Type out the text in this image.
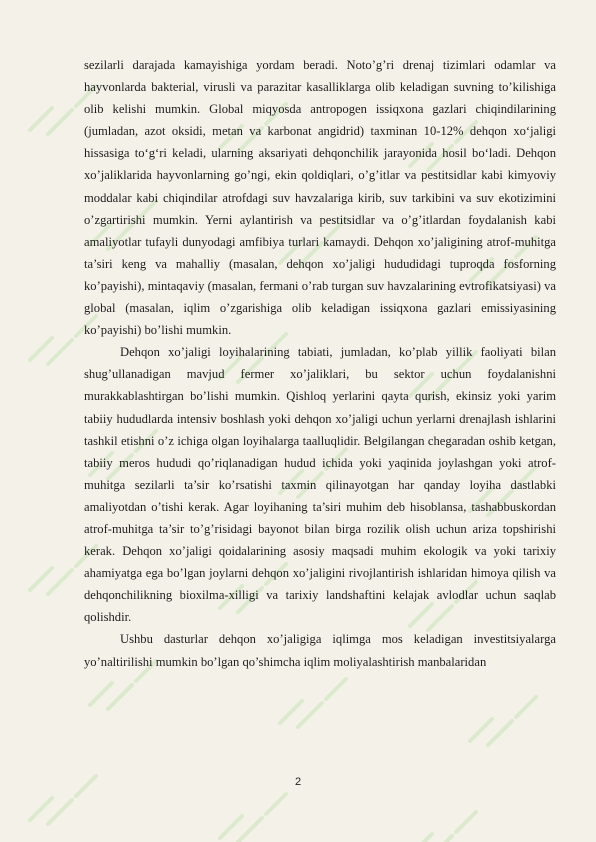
sezilarli darajada kamayishiga yordam beradi. Noto’g’ri drenaj tizimlari odamlar va hayvonlarda bakterial, virusli va parazitar kasalliklarga olib keladigan suvning to’kilishiga olib kelishi mumkin. Global miqyosda antropogen issiqxona gazlari chiqindilarining (jumladan, azot oksidi, metan va karbonat angidrid) taxminan 10-12% dehqon xo‘jaligi hissasiga to‘g‘ri keladi, ularning aksariyati dehqonchilik jarayonida hosil bo‘ladi. Dehqon xo’jaliklarida hayvonlarning go’ngi, ekin qoldiqlari, o’g’itlar va pestitsidlar kabi kimyoviy moddalar kabi chiqindilar atrofdagi suv havzalariga kirib, suv tarkibini va suv ekotizimini o’zgartirishi mumkin. Yerni aylantirish va pestitsidlar va o’g’itlardan foydalanish kabi amaliyotlar tufayli dunyodagi amfibiya turlari kamaydi. Dehqon xo’jaligining atrof-muhitga ta’siri keng va mahalliy (masalan, dehqon xo’jaligi hududidagi tuproqda fosforning ko’payishi), mintaqaviy (masalan, fermani o’rab turgan suv havzalarining evtrofikatsiyasi) va global (masalan, iqlim o’zgarishiga olib keladigan issiqxona gazlari emissiyasining ko’payishi) bo’lishi mumkin.

Dehqon xo’jaligi loyihalarining tabiati, jumladan, ko’plab yillik faoliyati bilan shug’ullanadigan mavjud fermer xo’jaliklari, bu sektor uchun foydalanishni murakkablashtirgan bo’lishi mumkin. Qishloq yerlarini qayta qurish, ekinsiz yoki yarim tabiiy hududlarda intensiv boshlash yoki dehqon xo’jaligi uchun yerlarni drenajlash ishlarini tashkil etishni o’z ichiga olgan loyihalarga taalluqlidir. Belgilangan chegaradan oshib ketgan, tabiiy meros hududi qo’riqlanadigan hudud ichida yoki yaqinida joylashgan yoki atrof-muhitga sezilarli ta’sir ko’rsatishi taxmin qilinayotgan har qanday loyiha dastlabki amaliyotdan o’tishi kerak. Agar loyihaning ta’siri muhim deb hisoblansa, tashabbuskordan atrof-muhitga ta’sir to’g’risidagi bayonot bilan birga rozilik olish uchun ariza topshirishi kerak. Dehqon xo’jaligi qoidalarining asosiy maqsadi muhim ekologik va yoki tarixiy ahamiyatga ega bo’lgan joylarni dehqon xo’jaligini rivojlantirish ishlaridan himoya qilish va dehqonchilikning bioxilma-xilligi va tarixiy landshaftini kelajak avlodlar uchun saqlab qolishdir.

Ushbu dasturlar dehqon xo’jaligiga iqlimga mos keladigan investitsiyalarga yo’naltirilishi mumkin bo’lgan qo’shimcha iqlim moliyalashtirish manbalaridan

2
